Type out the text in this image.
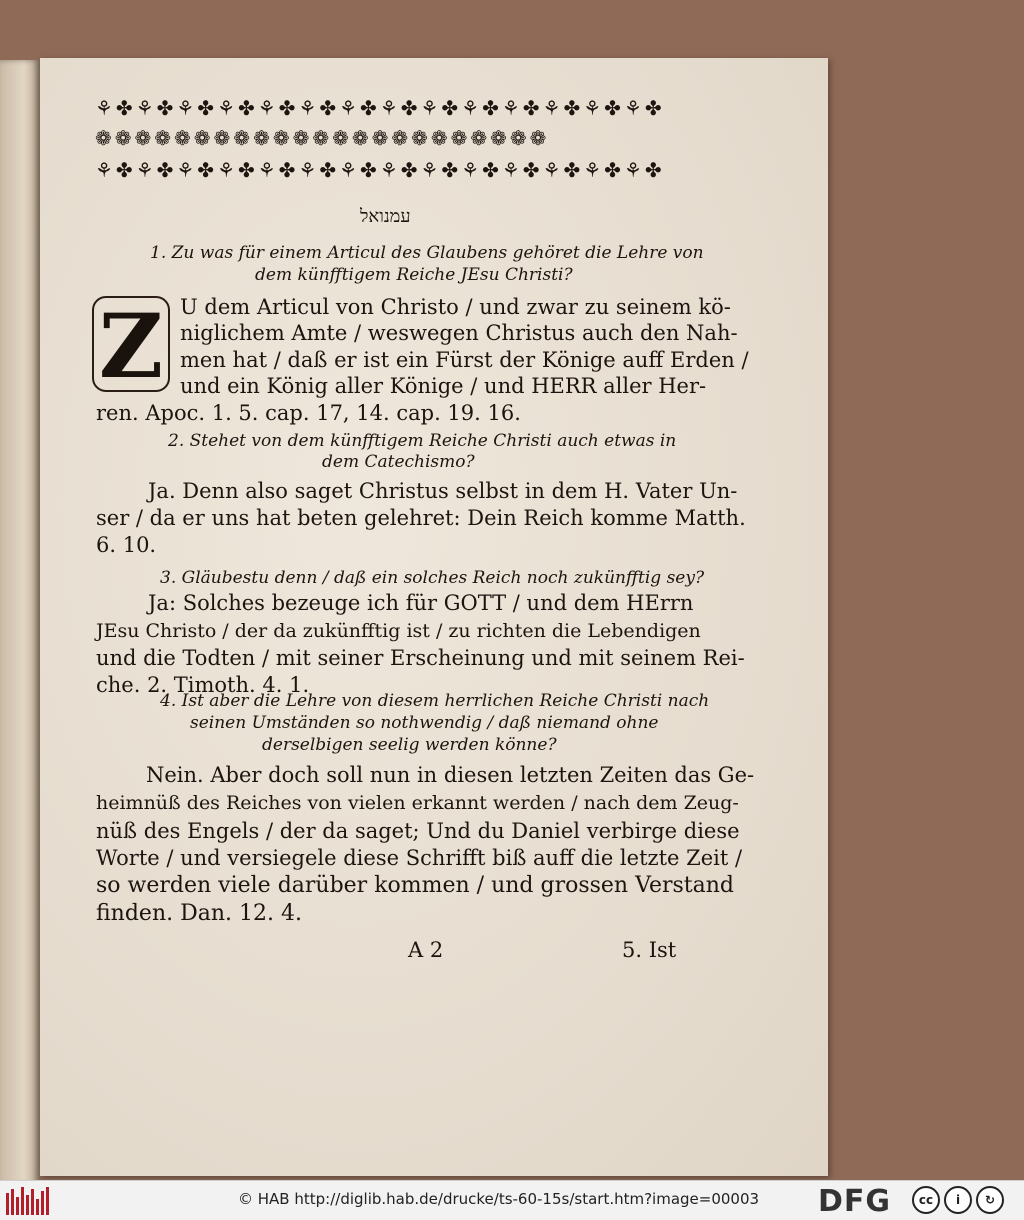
⚘✤⚘✤⚘✤⚘✤⚘✤⚘✤⚘✤⚘✤⚘✤⚘✤⚘✤⚘✤⚘✤⚘✤
❁❁❁❁❁❁❁❁❁❁❁❁❁❁❁❁❁❁❁❁❁❁❁
⚘✤⚘✤⚘✤⚘✤⚘✤⚘✤⚘✤⚘✤⚘✤⚘✤⚘✤⚘✤⚘✤⚘✤
עמנואל
1. Zu was für einem Articul des Glaubens gehöret die Lehre von
dem künfftigem Reiche JEsu Christi?
Z U dem Articul von Christo / und zwar zu seinem kö-
niglichem Amte / weswegen Christus auch den Nah-
men hat / daß er ist ein Fürst der Könige auff Erden /
und ein König aller Könige / und HERR aller Her-
ren. Apoc. 1. 5. cap. 17, 14. cap. 19. 16.
2. Stehet von dem künfftigem Reiche Christi auch etwas in
dem Catechismo?
Ja. Denn also saget Christus selbst in dem H. Vater Un-
ser / da er uns hat beten gelehret: Dein Reich komme Matth.
6. 10.
3. Gläubestu denn / daß ein solches Reich noch zukünfftig sey?
Ja: Solches bezeuge ich für GOTT / und dem HErrn
JEsu Christo / der da zukünfftig ist / zu richten die Lebendigen
und die Todten / mit seiner Erscheinung und mit seinem Rei-
che. 2. Timoth. 4. 1.
4. Ist aber die Lehre von diesem herrlichen Reiche Christi nach
seinen Umständen so nothwendig / daß niemand ohne
derselbigen seelig werden könne?
Nein. Aber doch soll nun in diesen letzten Zeiten das Ge-
heimnüß des Reiches von vielen erkannt werden / nach dem Zeug-
nüß des Engels / der da saget; Und du Daniel verbirge diese
Worte / und versiegele diese Schrifft biß auff die letzte Zeit /
so werden viele darüber kommen / und grossen Verstand
finden. Dan. 12. 4.
A 2	5. Ist
© HAB http://diglib.hab.de/drucke/ts-60-15s/start.htm?image=00003 DFG	cc	i	↻
